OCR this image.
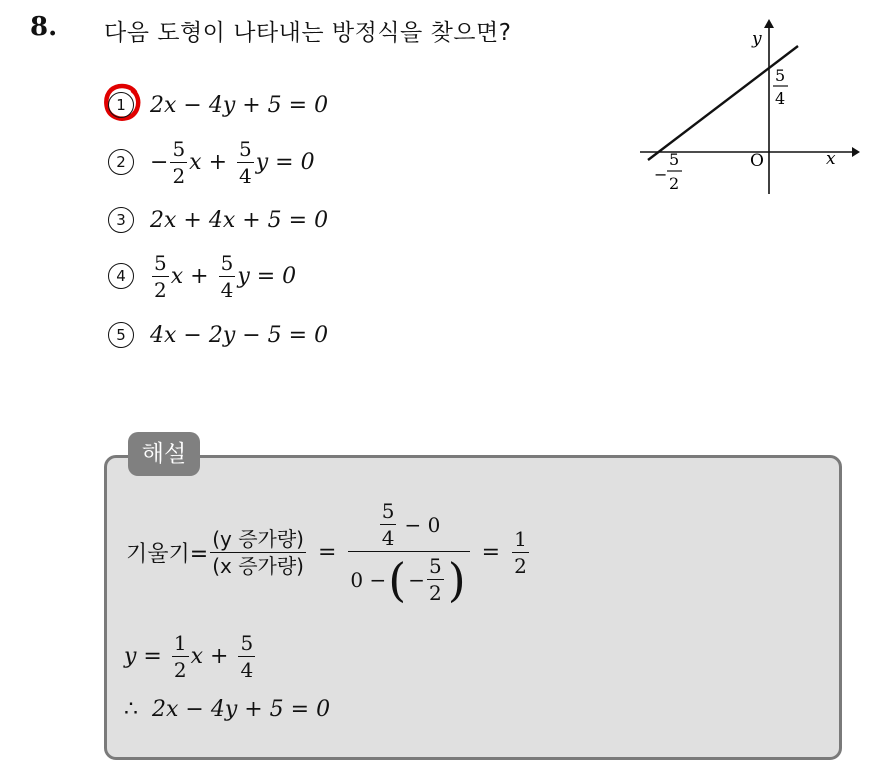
8. 다음 도형이 나타내는 방정식을 찾으면?
1	2x − 4y + 5 = 0
2	− $\frac{5}{2}$ $x + \frac{5}{4}$ y = 0
3	2x + 4x + 5 = 0
4	$\frac{5}{2}$ $x + \frac{5}{4}$ y = 0
5	4x − 2y − 5 = 0
y
x
O
5
4
−
5
2
해설
기울기= $\frac{\text{(y 증가량)}}{\text{(x 증가량)}} = \frac{\frac{5}{4} - 0}{0 - ( - \frac{5}{2} )} = \frac{1}{2}$
$y = \frac{1}{2}$ $x + \frac{5}{4}$
∴ 2x − 4y + 5 = 0
